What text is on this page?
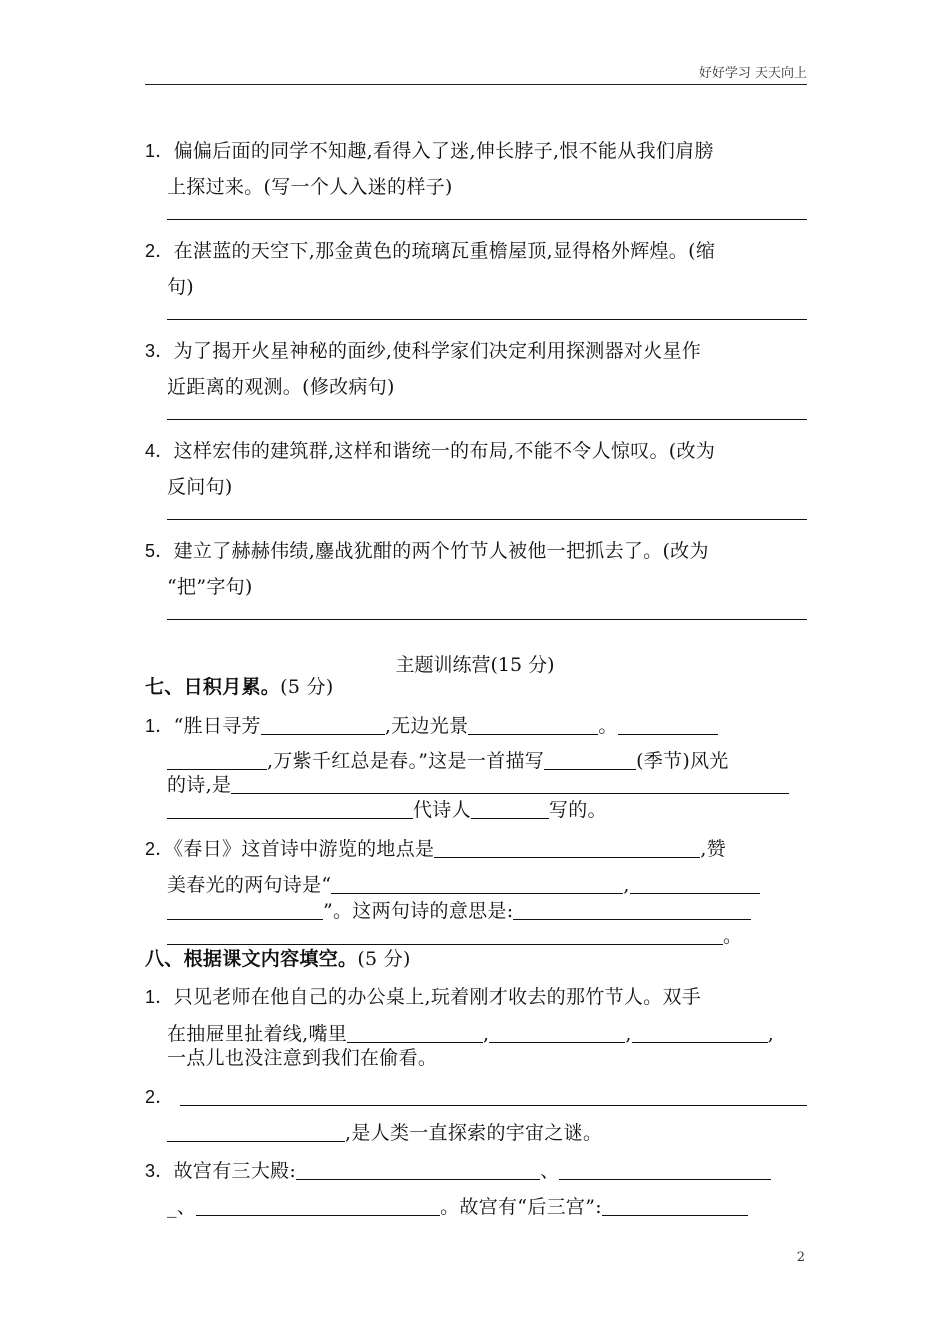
好好学习 天天向上
1．偏偏后面的同学不知趣,看得入了迷,伸长脖子,恨不能从我们肩膀
上探过来。(写一个人入迷的样子)
2．在湛蓝的天空下,那金黄色的琉璃瓦重檐屋顶,显得格外辉煌。(缩
句)
3．为了揭开火星神秘的面纱,使科学家们决定利用探测器对火星作
近距离的观测。(修改病句)
4．这样宏伟的建筑群,这样和谐统一的布局,不能不令人惊叹。(改为
反问句)
5．建立了赫赫伟绩,鏖战犹酣的两个竹节人被他一把抓去了。(改为
“把”字句)
主题训练营(15 分)
七、日积月累。(5 分)
1．“胜日寻芳	,无边光景	。
,万紫千红总是春。”这是一首描写	(季节)风光
的诗,是
代诗人	写的。
2．《春日》这首诗中游览的地点是	,赞
美春光的两句诗是“	,
”。这两句诗的意思是:
。
八、根据课文内容填空。(5 分)
1．只见老师在他自己的办公桌上,玩着刚才收去的那竹节人。双手
在抽屉里扯着线,嘴里	,	,	,
一点儿也没注意到我们在偷看。
2．
,是人类一直探索的宇宙之谜。
3．故宫有三大殿:	、
_、	。故宫有“后三宫”:
2
